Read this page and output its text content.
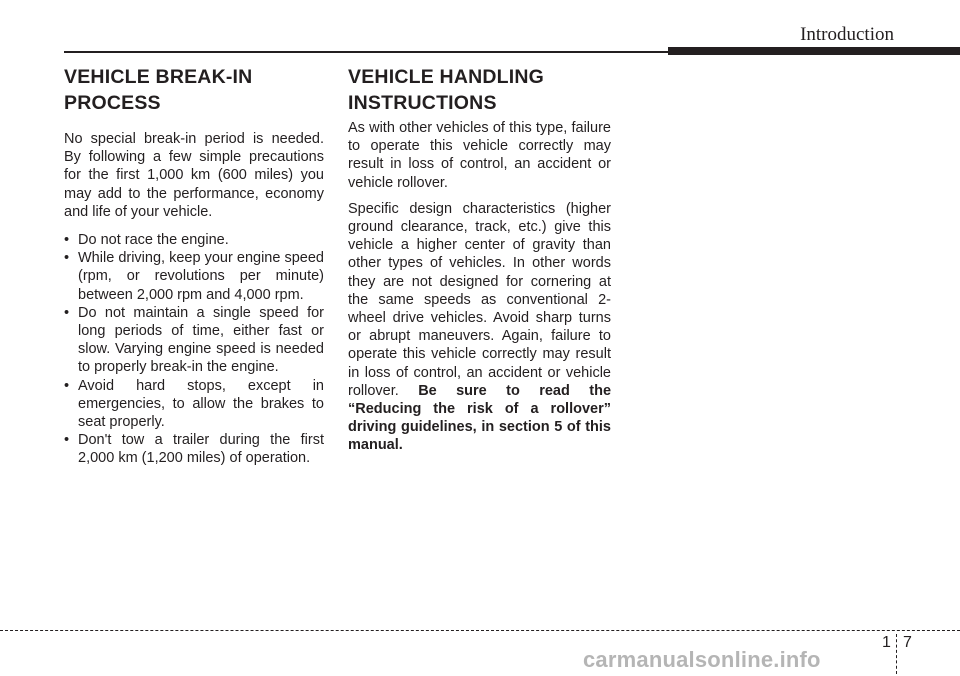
Introduction
VEHICLE BREAK-IN PROCESS

No special break-in period is needed. By following a few simple precautions for the first 1,000 km (600 miles) you may add to the performance, economy and life of your vehicle.

• Do not race the engine.
• While driving, keep your engine speed (rpm, or revolutions per minute) between 2,000 rpm and 4,000 rpm.
• Do not maintain a single speed for long periods of time, either fast or slow. Varying engine speed is needed to properly break-in the engine.
• Avoid hard stops, except in emergencies, to allow the brakes to seat properly.
• Don't tow a trailer during the first 2,000 km (1,200 miles) of operation.
VEHICLE HANDLING INSTRUCTIONS

As with other vehicles of this type, failure to operate this vehicle correctly may result in loss of control, an accident or vehicle rollover.

Specific design characteristics (higher ground clearance, track, etc.) give this vehicle a higher center of gravity than other types of vehicles. In other words they are not designed for cornering at the same speeds as conventional 2-wheel drive vehicles. Avoid sharp turns or abrupt maneuvers. Again, failure to operate this vehicle correctly may result in loss of control, an accident or vehicle rollover. Be sure to read the “Reducing the risk of a rollover” driving guidelines, in section 5 of this manual.

1 7
carmanualsonline.info
